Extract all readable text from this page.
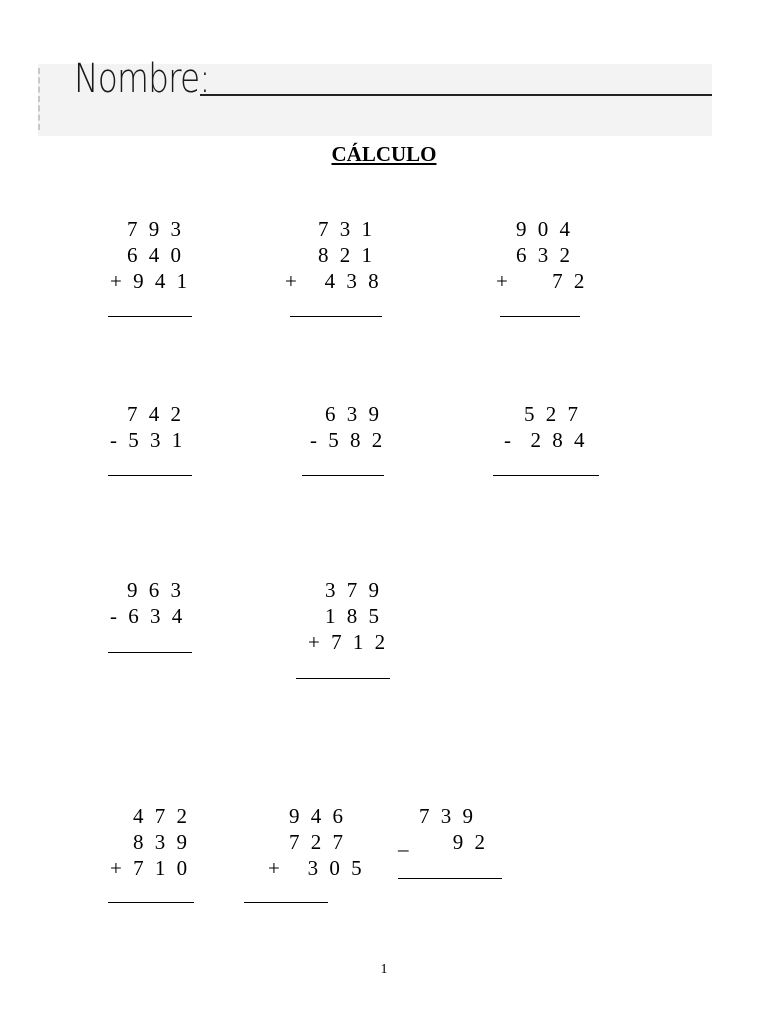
Nombre:
CÁLCULO
7 9 3
6 4 0
+ 9 4 1
7 3 1
8 2 1
+   4 3 8
9 0 4
6 3 2
+     7 2
7 4 2
- 5 3 1
6 3 9
- 5 8 2
5 2 7
-  2 8 4
9 6 3
- 6 3 4
3 7 9
1 8 5
+ 7 1 2
4 7 2
8 3 9
+ 7 1 0
9 4 6
7 2 7
+   3 0 5
7 3 9
_     9 2
1
